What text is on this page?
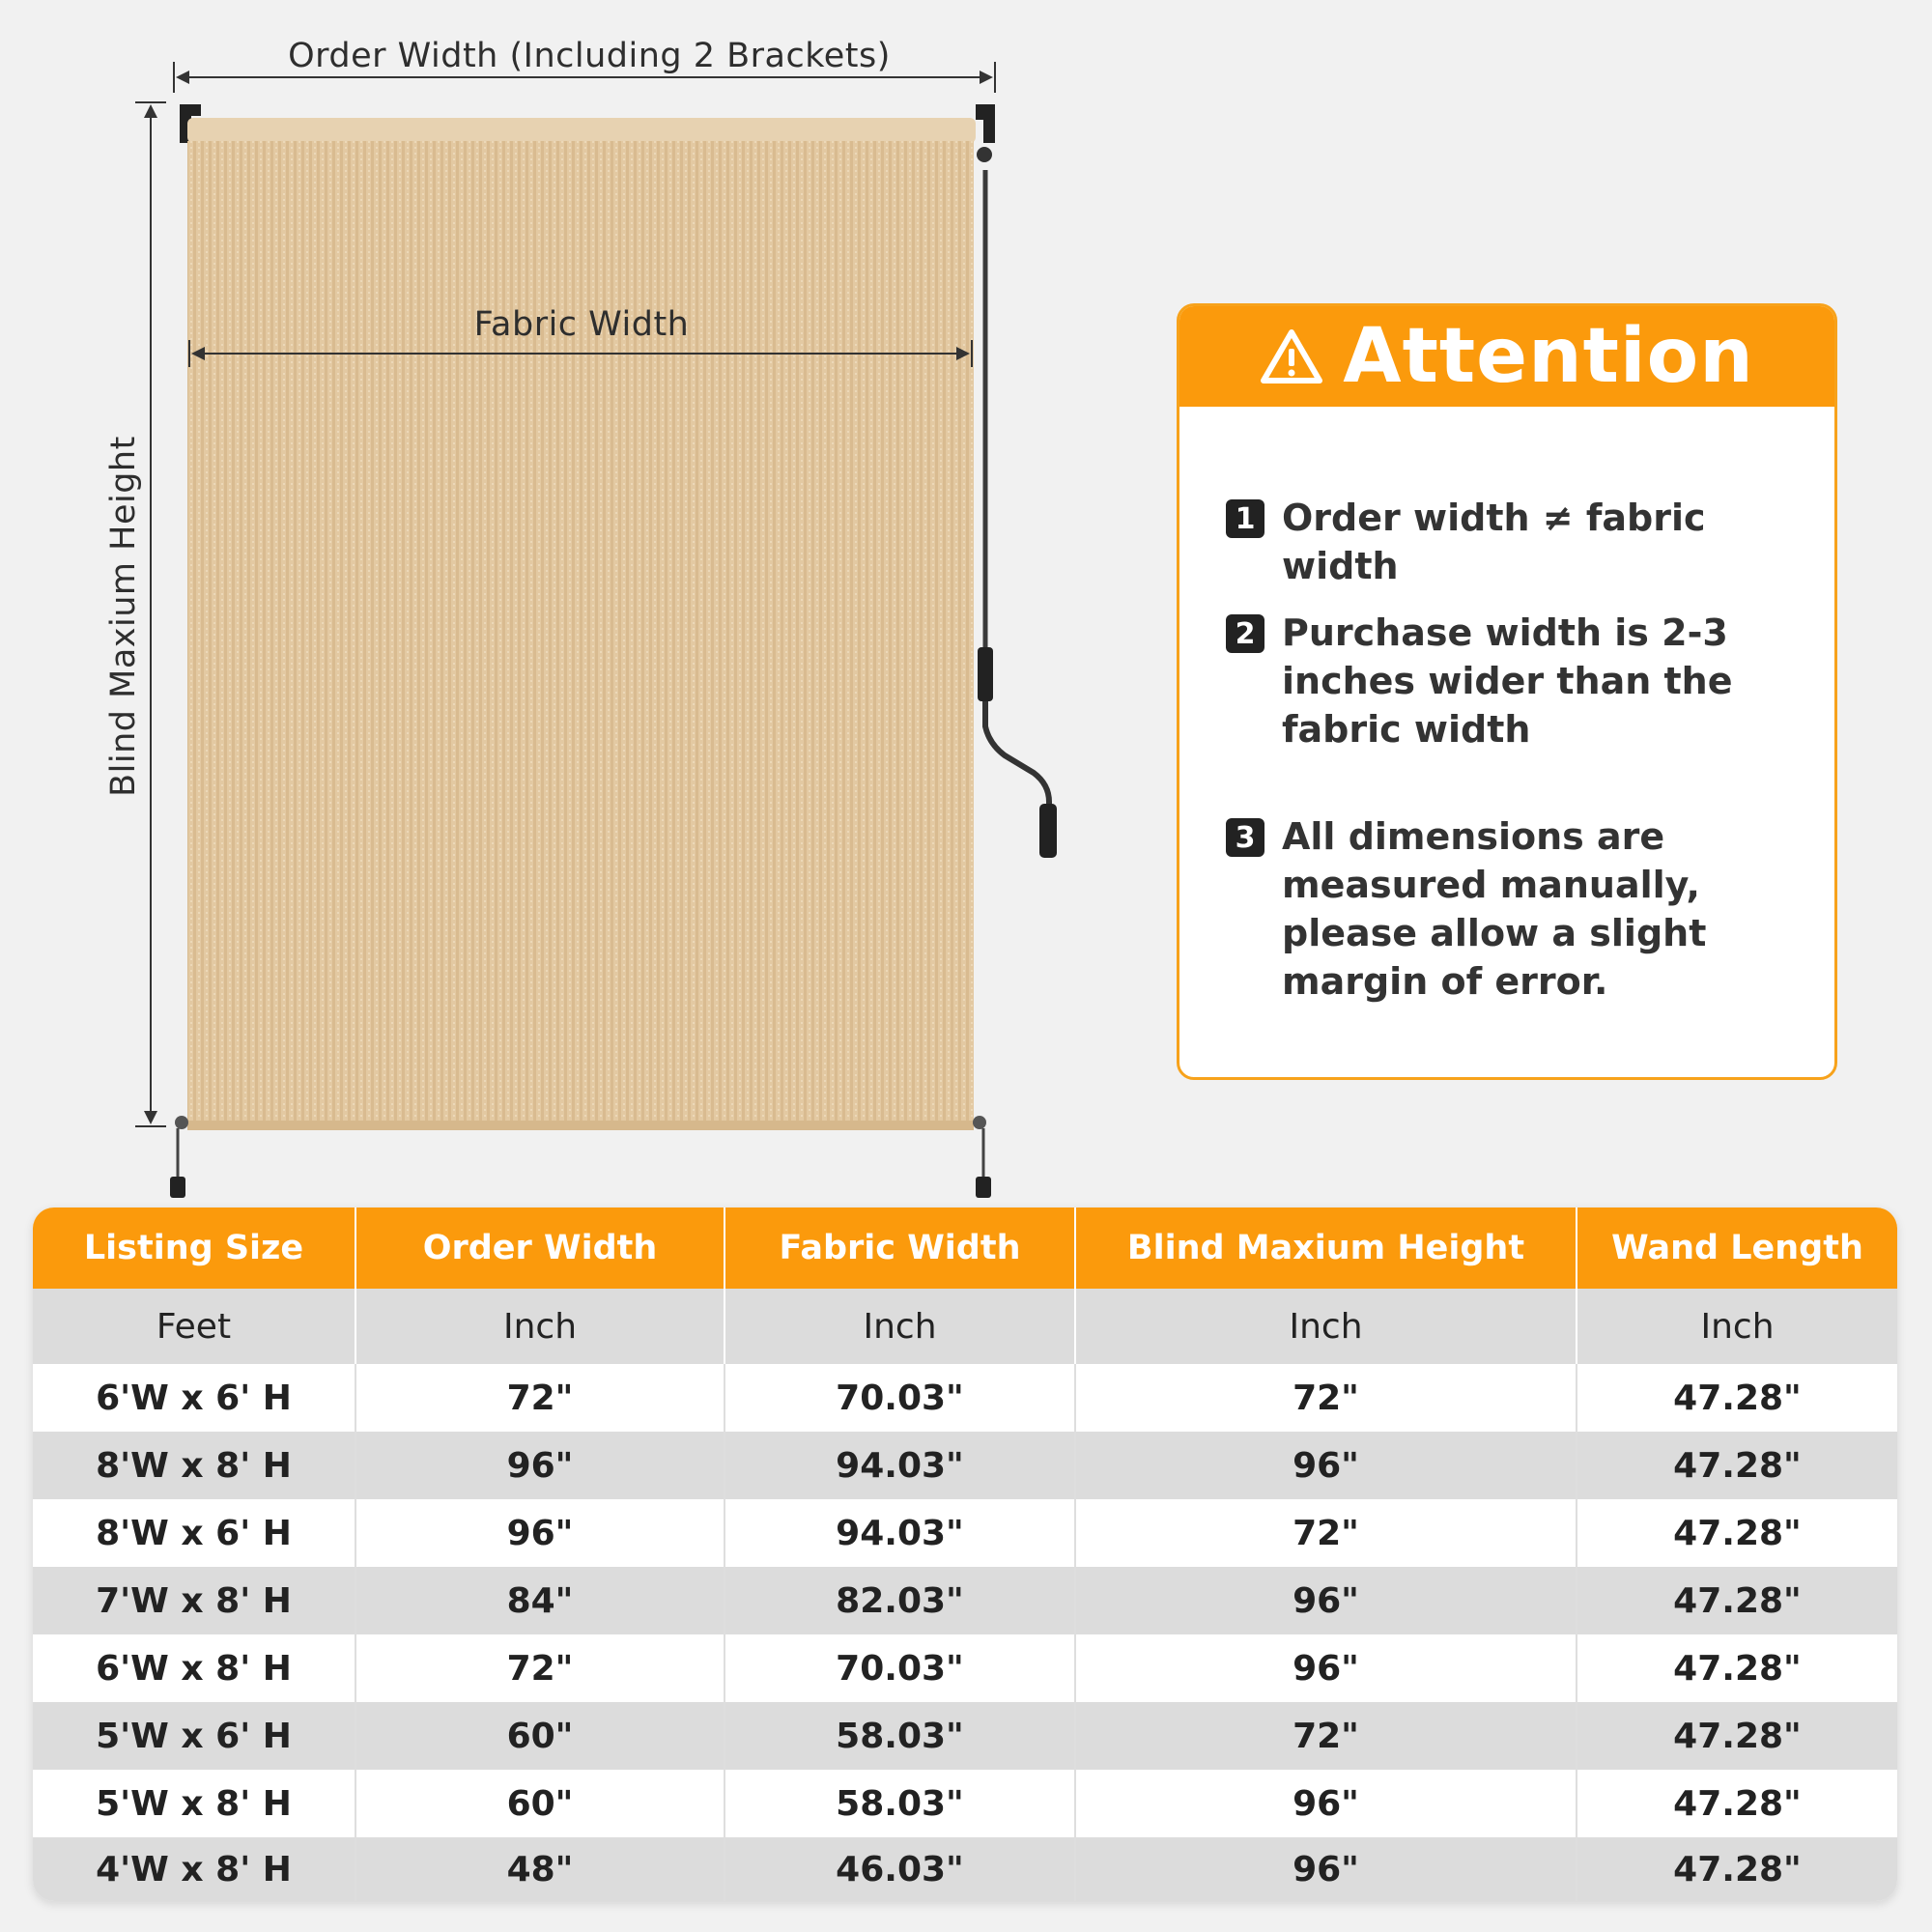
Order Width (Including 2 Brackets)
Fabric Width
Blind Maxium Height
Attention
1 Order width ≠ fabric width
2 Purchase width is 2-3 inches wider than the fabric width
3 All dimensions are measured manually, please allow a slight margin of error.
Listing Size	Order Width	Fabric Width	Blind Maxium Height	Wand Length
Feet	Inch	Inch	Inch	Inch
6'W x 6' H	72"	70.03"	72"	47.28"
8'W x 8' H	96"	94.03"	96"	47.28"
8'W x 6' H	96"	94.03"	72"	47.28"
7'W x 8' H	84"	82.03"	96"	47.28"
6'W x 8' H	72"	70.03"	96"	47.28"
5'W x 6' H	60"	58.03"	72"	47.28"
5'W x 8' H	60"	58.03"	96"	47.28"
4'W x 8' H	48"	46.03"	96"	47.28"
